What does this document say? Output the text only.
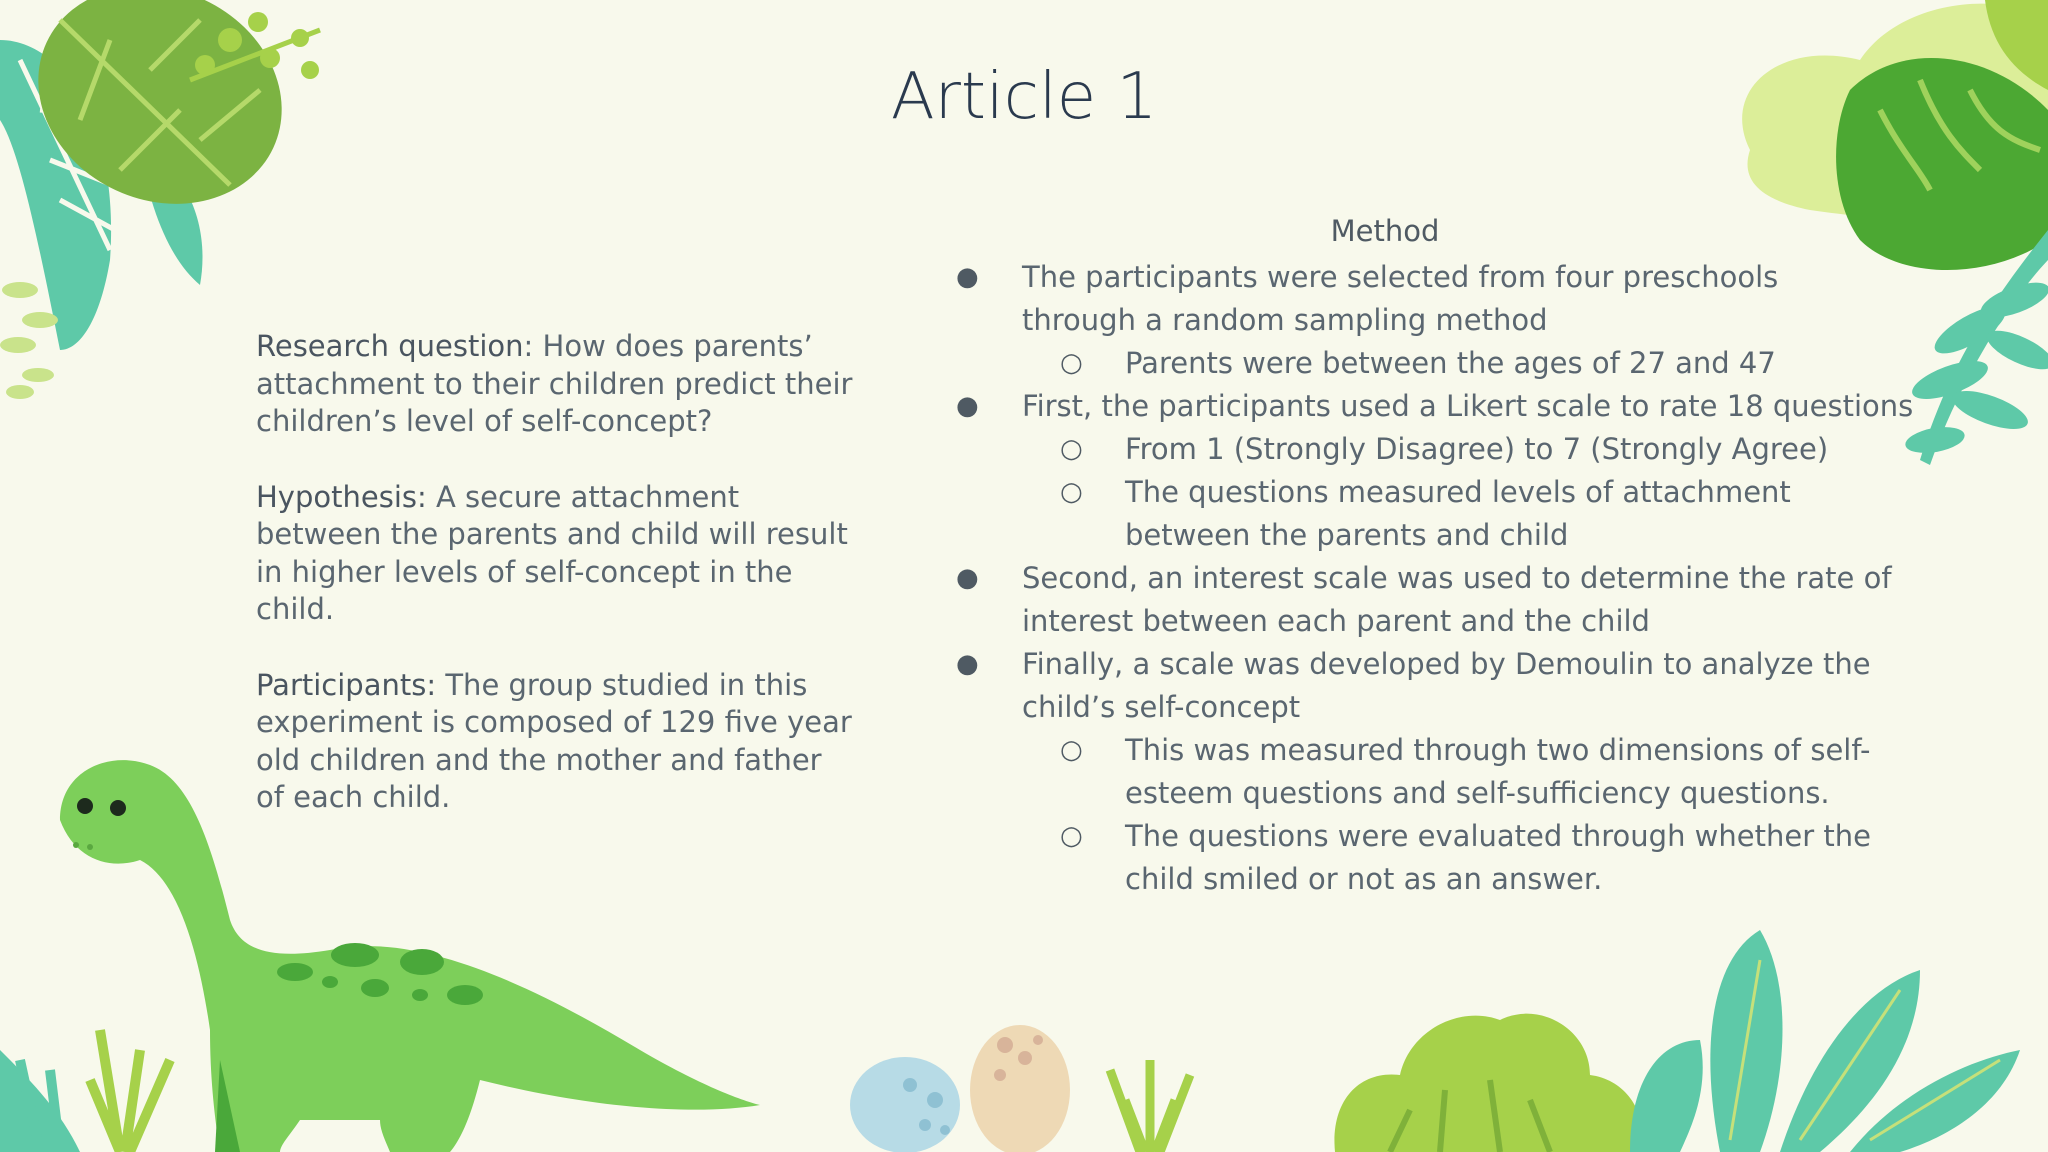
Article 1

Research question: How does parents’ attachment to their children predict their children’s level of self-concept?

Hypothesis: A secure attachment between the parents and child will result in higher levels of self-concept in the child.

Participants: The group studied in this experiment is composed of 129 five year old children and the mother and father of each child.

Method
● The participants were selected from four preschools
through a random sampling method
○ Parents were between the ages of 27 and 47
● First, the participants used a Likert scale to rate 18 questions
○ From 1 (Strongly Disagree) to 7 (Strongly Agree)
○ The questions measured levels of attachment
between the parents and child
● Second, an interest scale was used to determine the rate of
interest between each parent and the child
● Finally, a scale was developed by Demoulin to analyze the
child’s self-concept
○ This was measured through two dimensions of self-
esteem questions and self-sufficiency questions.
○ The questions were evaluated through whether the
child smiled or not as an answer.
